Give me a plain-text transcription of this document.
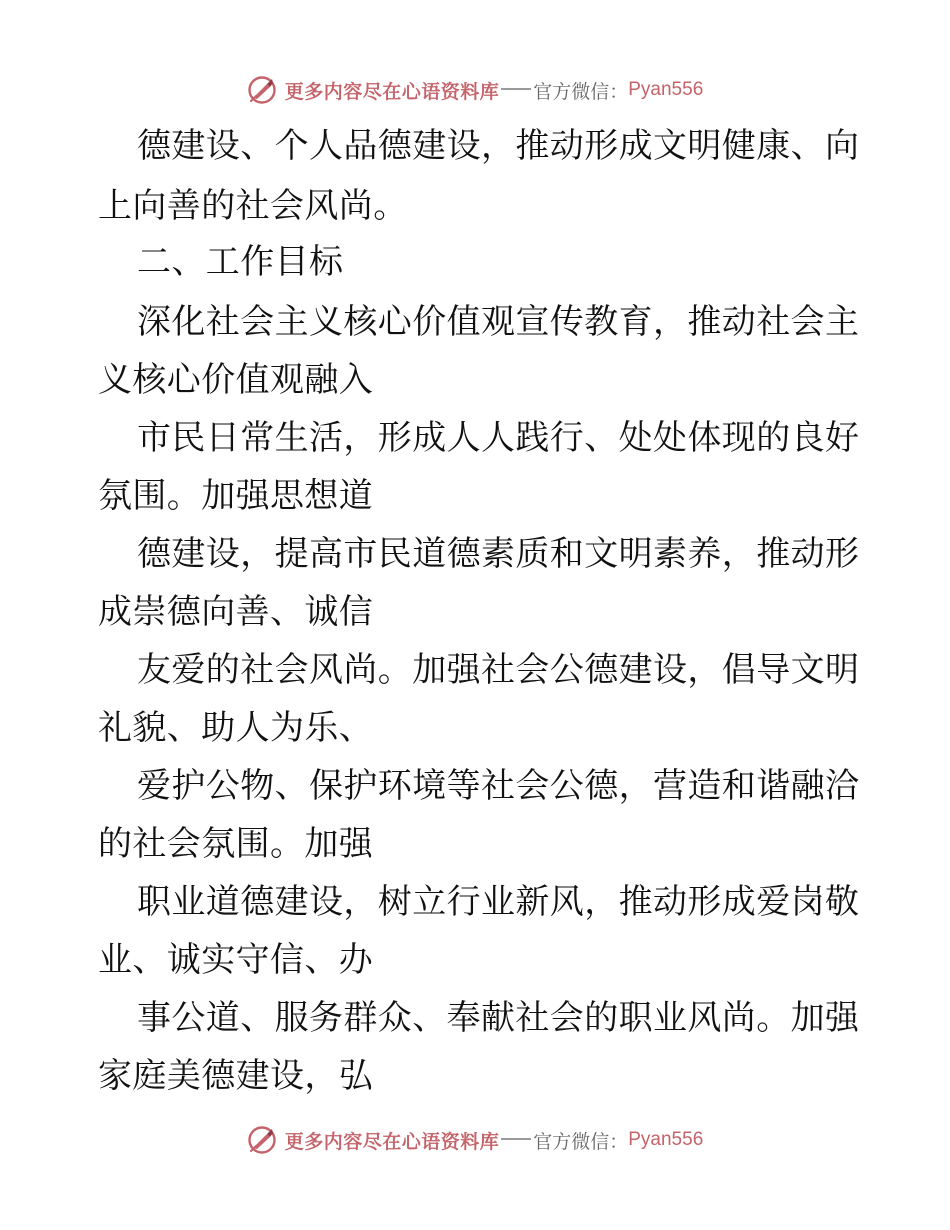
更多内容尽在心语资料库 官方微信： Pyan556
德建设、个人品德建设，推动形成文明健康、向
上向善的社会风尚。
二、工作目标
深化社会主义核心价值观宣传教育，推动社会主
义核心价值观融入
市民日常生活，形成人人践行、处处体现的良好
氛围。加强思想道
德建设，提高市民道德素质和文明素养，推动形
成崇德向善、诚信
友爱的社会风尚。加强社会公德建设，倡导文明
礼貌、助人为乐、
爱护公物、保护环境等社会公德，营造和谐融洽
的社会氛围。加强
职业道德建设，树立行业新风，推动形成爱岗敬
业、诚实守信、办
事公道、服务群众、奉献社会的职业风尚。加强
家庭美德建设，弘
更多内容尽在心语资料库 官方微信： Pyan556
